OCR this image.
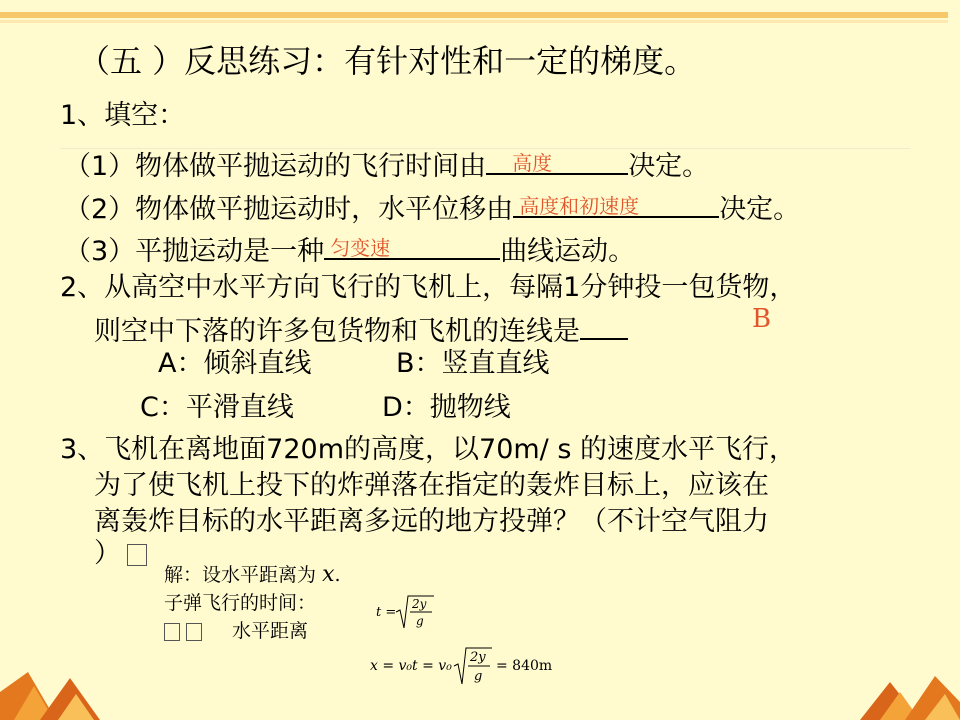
（五 ）反思练习：有针对性和一定的梯度。
1、填空：
（1）物体做平抛运动的飞行时间由 高度	决定。
（2）物体做平抛运动时，水平位移由 高度和初速度	决定。
（3）平抛运动是一种 匀变速	曲线运动。
2、从高空中水平方向飞行的飞机上，每隔1分钟投一包货物，
则空中下落的许多包货物和飞机的连线是	B
A：倾斜直线	B：竖直直线
C：平滑直线	D：抛物线
3、飞机在离地面720m的高度，以70m/ s 的速度水平飞行，
为了使飞机上投下的炸弹落在指定的轰炸目标上，应该在
离轰炸目标的水平距离多远的地方投弹？（不计空气阻力
）
解：设水平距离为 x.
子弹飞行的时间：
水平距离
t =
2y
g
x = v₀t = v₀
2y
g
= 840m
